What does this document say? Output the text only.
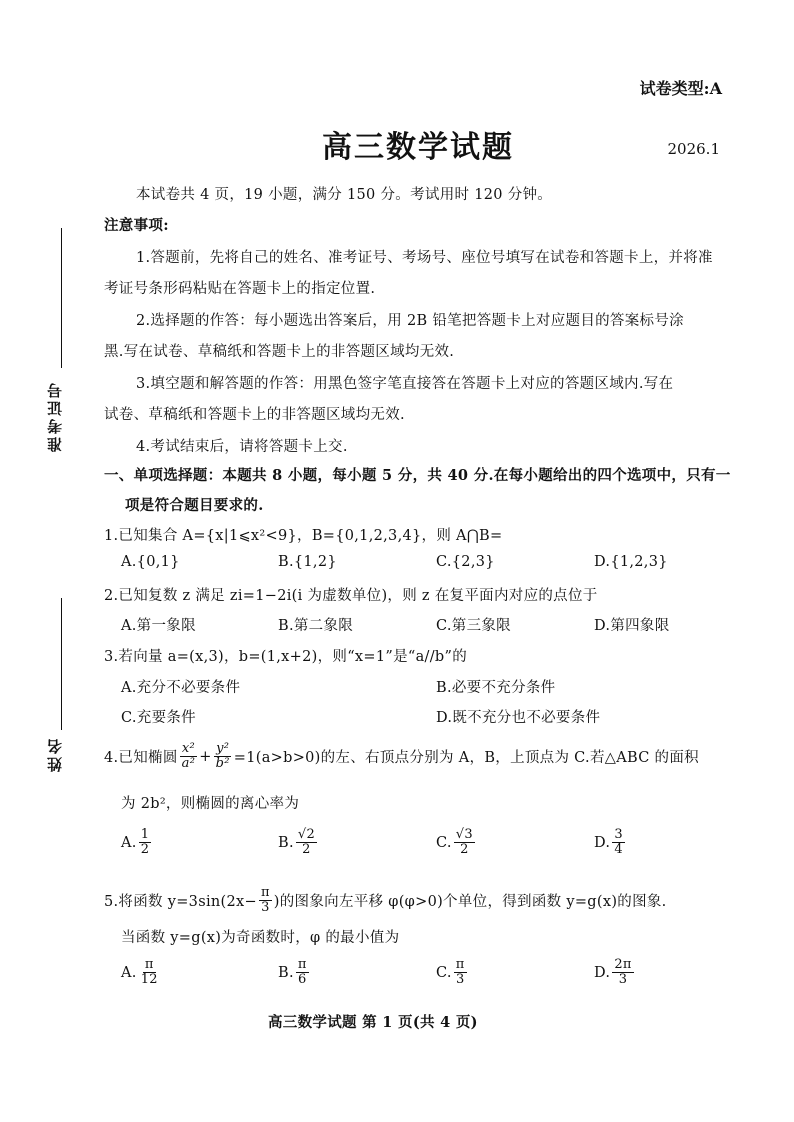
试卷类型:A
高三数学试题	2026.1
本试卷共 4 页，19 小题，满分 150 分。考试用时 120 分钟。
准考证号
姓名
注意事项:
1.答题前，先将自己的姓名、准考证号、考场号、座位号填写在试卷和答题卡上，并将准
考证号条形码粘贴在答题卡上的指定位置.
2.选择题的作答：每小题选出答案后，用 2B 铅笔把答题卡上对应题目的答案标号涂
黑.写在试卷、草稿纸和答题卡上的非答题区域均无效.
3.填空题和解答题的作答：用黑色签字笔直接答在答题卡上对应的答题区域内.写在
试卷、草稿纸和答题卡上的非答题区域均无效.
4.考试结束后，请将答题卡上交.
一、单项选择题：本题共 8 小题，每小题 5 分，共 40 分.在每小题给出的四个选项中，只有一
项是符合题目要求的.
1.已知集合 A={x|1⩽x²<9}，B={0,1,2,3,4}，则 A⋂B=
A.{0,1}	B.{1,2}	C.{2,3}	D.{1,2,3}
2.已知复数 z 满足 zi=1−2i(i 为虚数单位)，则 z 在复平面内对应的点位于
A.第一象限	B.第二象限	C.第三象限	D.第四象限
3.若向量 a=(x,3)，b=(1,x+2)，则“x=1”是“a//b”的
A.充分不必要条件	B.必要不充分条件
C.充要条件	D.既不充分也不必要条件
4.已知椭圆 $\frac{\text{x²}}{\text{a²}} + \frac{\text{y²}}{\text{b²}} =1(a>b>0)$的左、右顶点分别为 A，B，上顶点为 C.若△ABC 的面积
为 2b²，则椭圆的离心率为
A. $\frac{1}{2}$	B. $\frac{√2}{2}$	C. $\frac{√3}{2}$	D. $\frac{3}{4}$
5.将函数 $y=3\sin(2x- \frac{\pi}{3}$ )的图象向左平移 φ(φ>0)个单位，得到函数 y=g(x)的图象.
当函数 y=g(x)为奇函数时，φ 的最小值为
A. $\frac{\pi}{12}$	B. $\frac{\pi}{6}$	C. $\frac{\pi}{3}$	D. $\frac{2\pi}{3}$
高三数学试题 第 1 页(共 4 页)
